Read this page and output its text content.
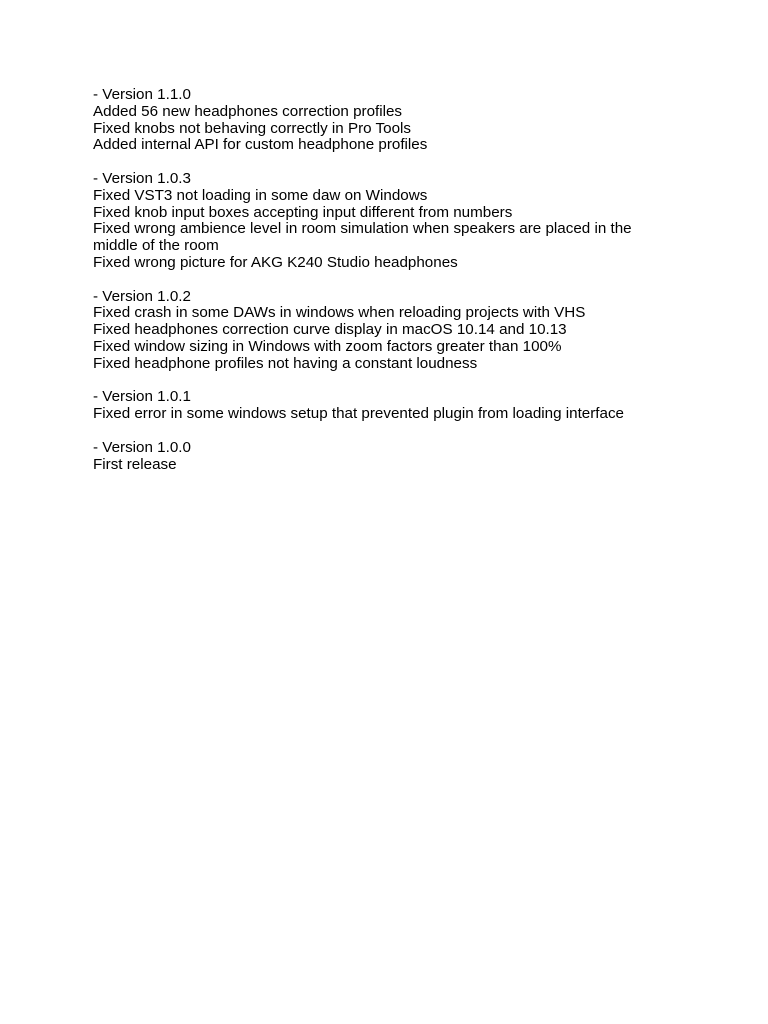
- Version 1.1.0
Added 56 new headphones correction profiles
Fixed knobs not behaving correctly in Pro Tools
Added internal API for custom headphone profiles
- Version 1.0.3
Fixed VST3 not loading in some daw on Windows
Fixed knob input boxes accepting input different from numbers
Fixed wrong ambience level in room simulation when speakers are placed in the middle of the room
Fixed wrong picture for AKG K240 Studio headphones
- Version 1.0.2
Fixed crash in some DAWs in windows when reloading projects with VHS
Fixed headphones correction curve display in macOS 10.14 and 10.13
Fixed window sizing in Windows with zoom factors greater than 100%
Fixed headphone profiles not having a constant loudness
- Version 1.0.1
Fixed error in some windows setup that prevented plugin from loading interface
- Version 1.0.0
First release
